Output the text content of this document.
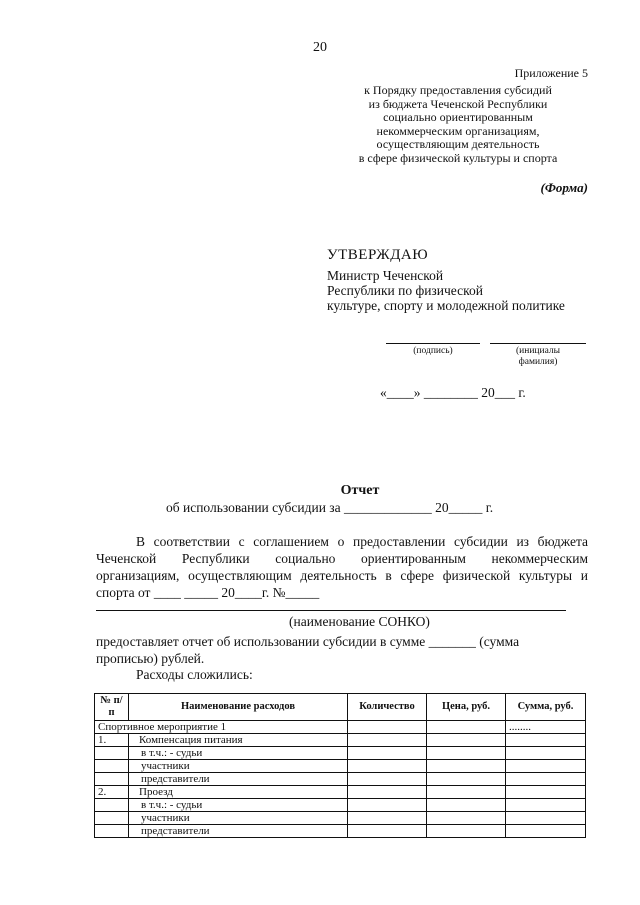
20
Приложение 5
к Порядку предоставления субсидий
из бюджета Чеченской Республики
социально ориентированным
некоммерческим организациям,
осуществляющим деятельность
в сфере физической культуры и спорта
(Форма)
УТВЕРЖДАЮ
Министр Чеченской
Республики по физической
культуре, спорту и молодежной политике
(подпись)	(инициалы
фамилия)
«____» ________ 20___ г.
Отчет
об использовании субсидии за _____________ 20_____ г.
В соответствии с соглашением о предоставлении субсидии из бюджета
Чеченской Республики социально ориентированным некоммерческим
организациям, осуществляющим деятельность в сфере физической культуры и
спорта от ____ _____ 20____г. №_____
(наименование СОНКО)
предоставляет отчет об использовании субсидии в сумме _______ (сумма прописью) рублей.
Расходы сложились:
№ п/п	Наименование расходов	Количество	Цена, руб.	Сумма, руб.
Спортивное мероприятие 1				........
1.	Компенсация питания			
	в т.ч.: - судьи			
	участники			
	представители			
2.	Проезд			
	в т.ч.: - судьи			
	участники			
	представители			
